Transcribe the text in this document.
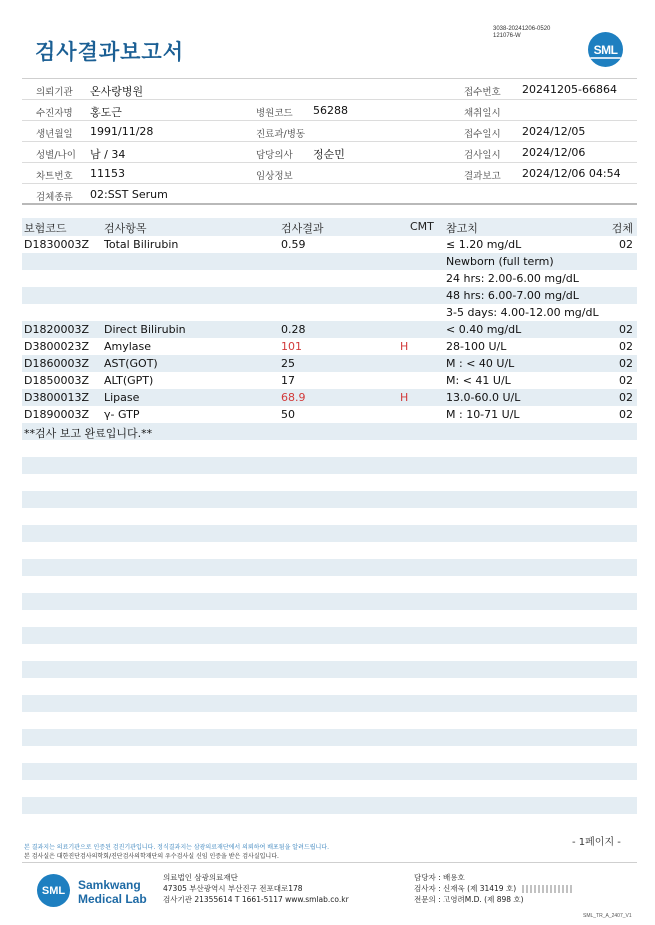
3038-20241206-0520
121076-W
검사결과보고서	SML
의뢰기관 온사랑병원	접수번호 20241205-66864
수진자명 홍도근	병원코드 56288	채취일시
생년월일 1991/11/28	진료과/병동	접수일시 2024/12/05
성별/나이 남 / 34	담당의사 정순민	검사일시 2024/12/06
차트번호 11153	임상정보	결과보고 2024/12/06 04:54
검체종류 02:SST Serum
보험코드	검사항목	검사결과	CMT 참고치	검체
D1830003Z Total Bilirubin	0.59	≤ 1.20 mg/dL	02
Newborn (full term)
24 hrs: 2.00-6.00 mg/dL
48 hrs: 6.00-7.00 mg/dL
3-5 days: 4.00-12.00 mg/dL
D1820003Z Direct Bilirubin	0.28	< 0.40 mg/dL	02
D3800023Z Amylase	101	H	28-100 U/L	02
D1860003Z AST(GOT)	25	M : < 40 U/L	02
D1850003Z ALT(GPT)	17	M: < 41 U/L	02
D3800013Z Lipase	68.9	H	13.0-60.0 U/L	02
D1890003Z γ- GTP	50	M : 10-71 U/L	02
**검사 보고 완료입니다.**
- 1페이지 -
본 결과지는 의료기관으로 인증된 검진기관입니다. 정식결과지는 삼광의료재단에서 의뢰하여 배포됨을 알려드립니다.
본 검사실은 대한진단검사의학회/진단검사의학재단의 우수검사실 신임 인증을 받은 검사실입니다.
SML	Samkwang
Medical Lab
의료법인 삼광의료재단
47305 부산광역시 부산진구 전포대로178
검사기관 21355614 T 1661-5117 www.smlab.co.kr
담당자 : 배용호
검사자 : 신재욱 (제 31419 호)
전문의 : 고영려M.D. (제 898 호)
SML_TR_A_2407_V1
